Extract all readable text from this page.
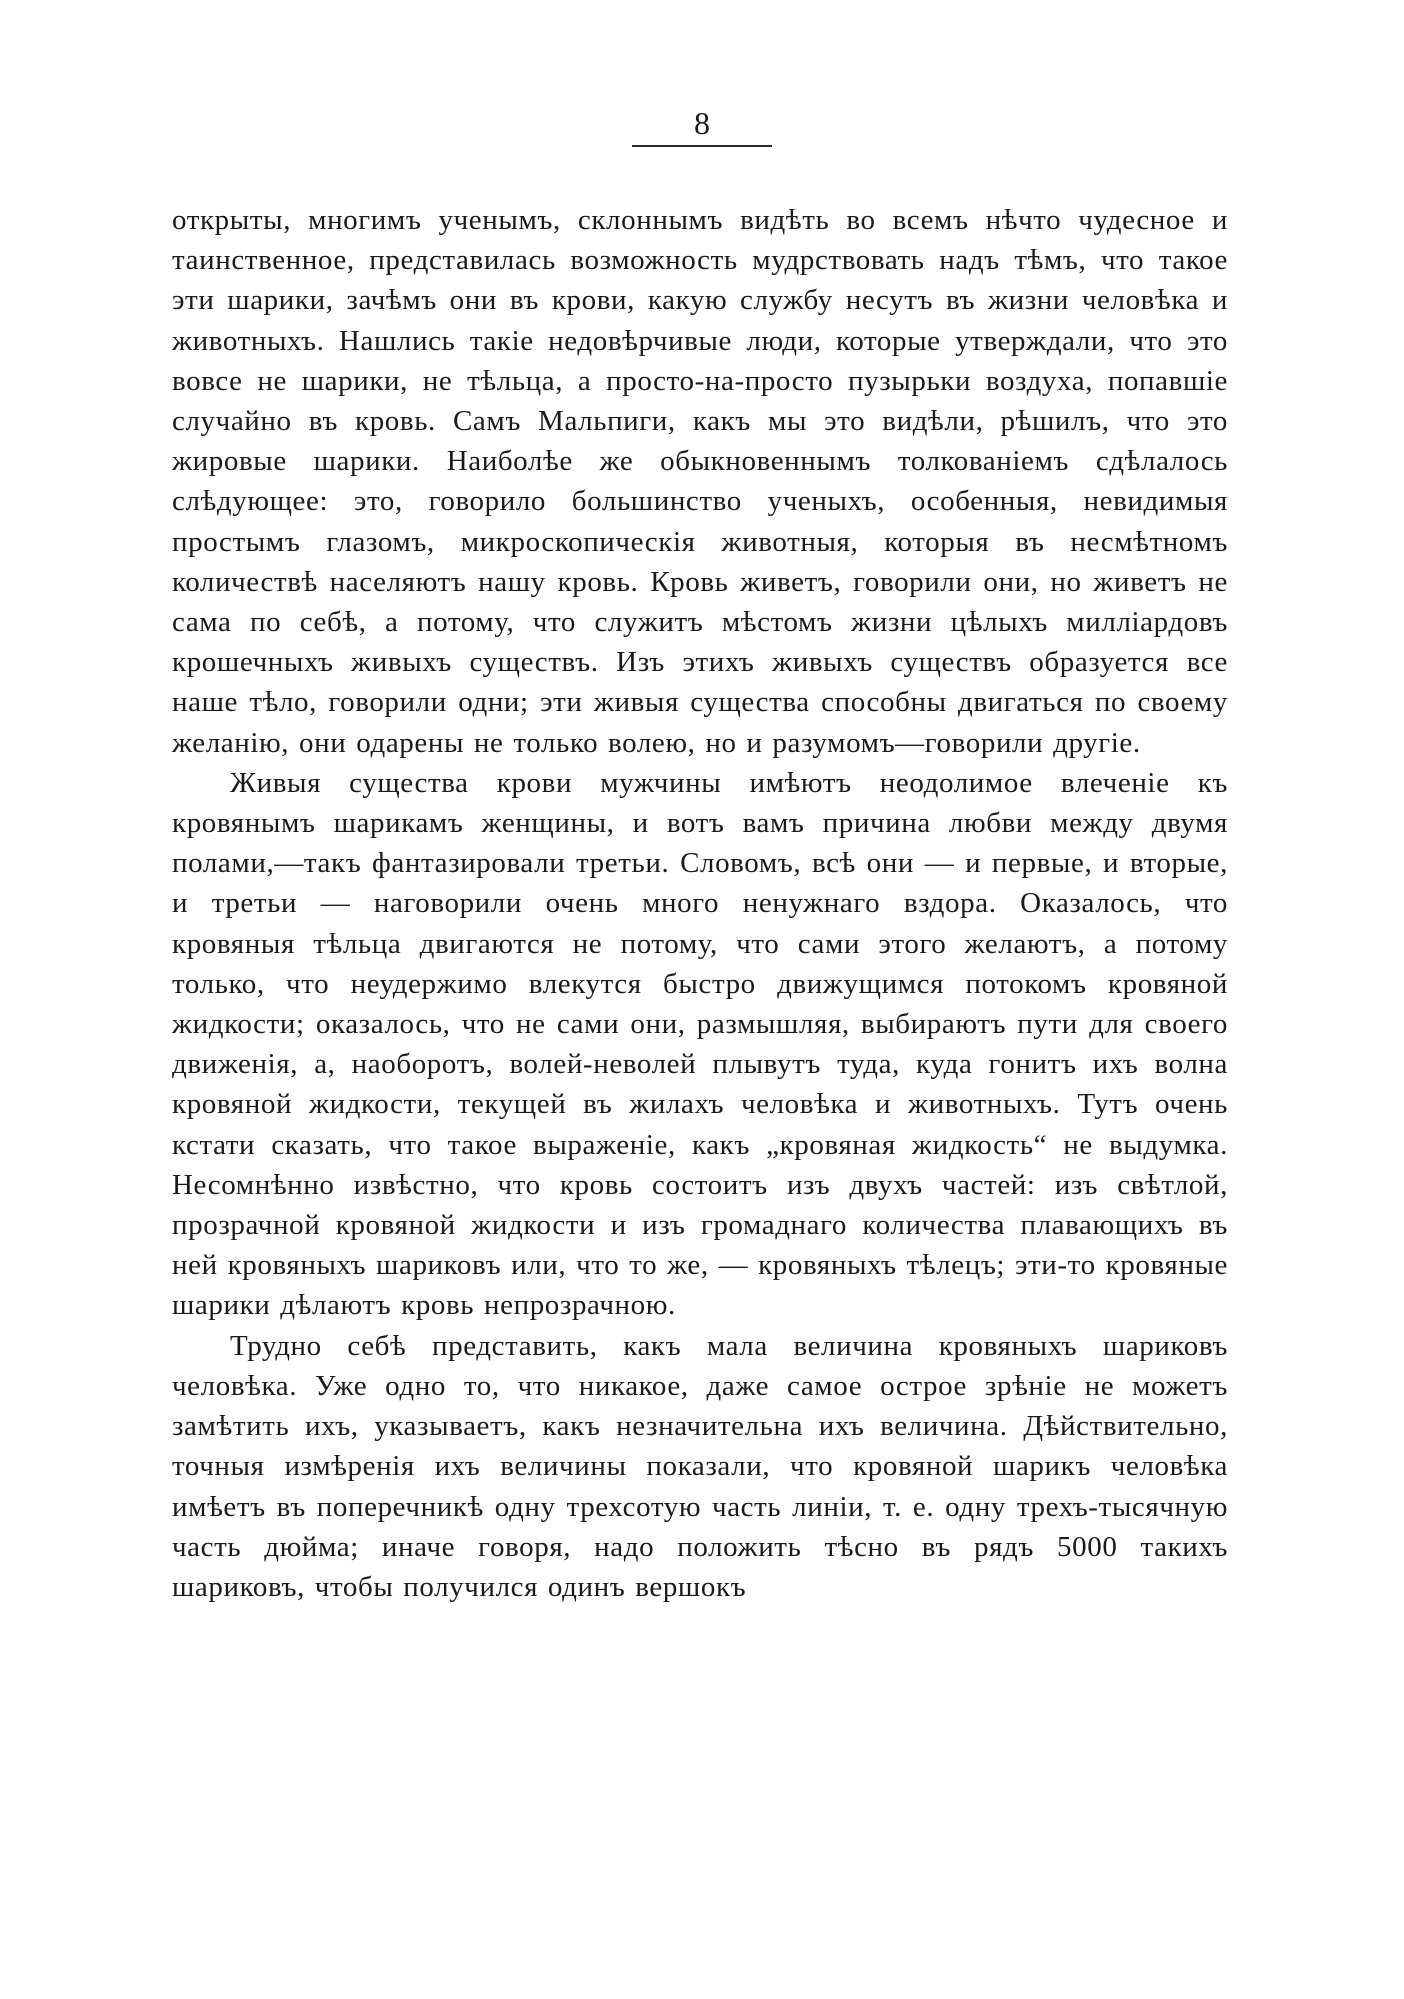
8

открыты, многимъ ученымъ, склоннымъ видѣть во всемъ нѣчто чудесное и таинственное, представилась возможность мудрствовать надъ тѣмъ, что такое эти шарики, зачѣмъ они въ крови, какую службу несутъ въ жизни человѣка и животныхъ. Нашлись такіе недовѣрчивые люди, которые утверждали, что это вовсе не шарики, не тѣльца, а просто-на-просто пузырьки воздуха, попавшіе случайно въ кровь. Самъ Мальпиги, какъ мы это видѣли, рѣшилъ, что это жировые шарики. Наиболѣе же обыкновеннымъ толкованіемъ сдѣлалось слѣдующее: это, говорило большинство ученыхъ, особенныя, невидимыя простымъ глазомъ, микроскопическія животныя, которыя въ несмѣтномъ количествѣ населяютъ нашу кровь. Кровь живетъ, говорили они, но живетъ не сама по себѣ, а потому, что служитъ мѣстомъ жизни цѣлыхъ милліардовъ крошечныхъ живыхъ существъ. Изъ этихъ живыхъ существъ образуется все наше тѣло, говорили одни; эти живыя существа способны двигаться по своему желанію, они одарены не только волею, но и разумомъ—говорили другіе.

Живыя существа крови мужчины имѣютъ неодолимое влеченіе къ кровянымъ шарикамъ женщины, и вотъ вамъ причина любви между двумя полами,—такъ фантазировали третьи. Словомъ, всѣ они — и первые, и вторые, и третьи — наговорили очень много ненужнаго вздора. Оказалось, что кровяныя тѣльца двигаются не потому, что сами этого желаютъ, а потому только, что неудержимо влекутся быстро движущимся потокомъ кровяной жидкости; оказалось, что не сами они, размышляя, выбираютъ пути для своего движенія, а, наоборотъ, волей-неволей плывутъ туда, куда гонитъ ихъ волна кровяной жидкости, текущей въ жилахъ человѣка и животныхъ. Тутъ очень кстати сказать, что такое выраженіе, какъ „кровяная жидкость“ не выдумка. Несомнѣнно извѣстно, что кровь состоитъ изъ двухъ частей: изъ свѣтлой, прозрачной кровяной жидкости и изъ громаднаго количества плавающихъ въ ней кровяныхъ шариковъ или, что то же, — кровяныхъ тѣлецъ; эти-то кровяные шарики дѣлаютъ кровь непрозрачною.

Трудно себѣ представить, какъ мала величина кровяныхъ шариковъ человѣка. Уже одно то, что никакое, даже самое острое зрѣніе не можетъ замѣтить ихъ, указываетъ, какъ незначительна ихъ величина. Дѣйствительно, точныя измѣренія ихъ величины показали, что кровяной шарикъ человѣка имѣетъ въ поперечникѣ одну трехсотую часть линіи, т. е. одну трехъ-тысячную часть дюйма; иначе говоря, надо положить тѣсно въ рядъ 5000 такихъ шариковъ, чтобы получился одинъ вершокъ
